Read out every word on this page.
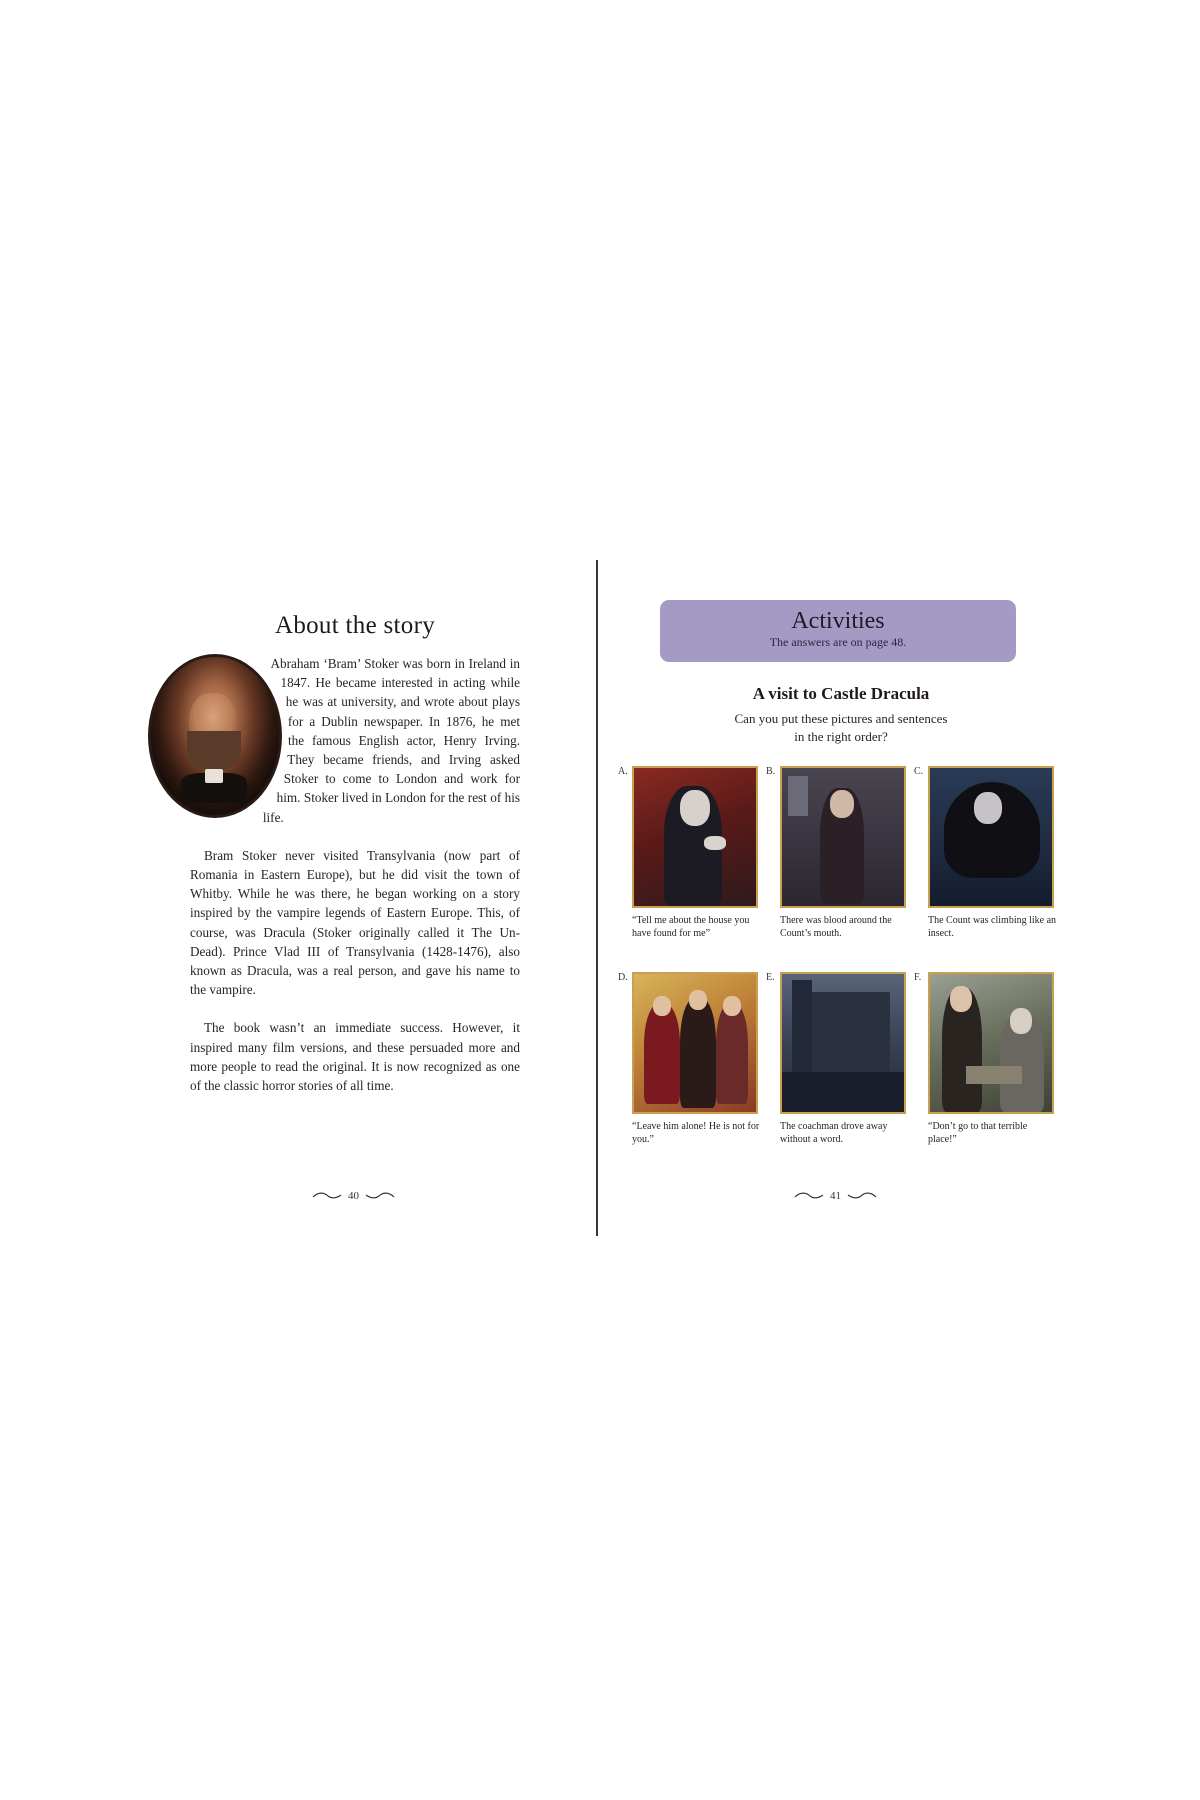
About the story

Abraham ‘Bram’ Stoker was born in Ireland in 1847. He became interested in acting while he was at university, and wrote about plays for a Dublin newspaper. In 1876, he met the famous English actor, Henry Irving. They became friends, and Irving asked Stoker to come to London and work for him. Stoker lived in London for the rest of his life.

Bram Stoker never visited Transylvania (now part of Romania in Eastern Europe), but he did visit the town of Whitby. While he was there, he began working on a story inspired by the vampire legends of Eastern Europe. This, of course, was Dracula (Stoker originally called it The Un-Dead). Prince Vlad III of Transylvania (1428-1476), also known as Dracula, was a real person, and gave his name to the vampire.

The book wasn’t an immediate success. However, it inspired many film versions, and these persuaded more and more people to read the original. It is now recognized as one of the classic horror stories of all time.

40
Activities
The answers are on page 48.
A visit to Castle Dracula
Can you put these pictures and sentences
in the right order?
A.
“Tell me about the house you have found for me”
B.
There was blood around the Count’s mouth.
C.
The Count was climbing like an insect.
D.
“Leave him alone! He is not for you.”
E.
The coachman drove away without a word.
F.
“Don’t go to that terrible place!”
41
